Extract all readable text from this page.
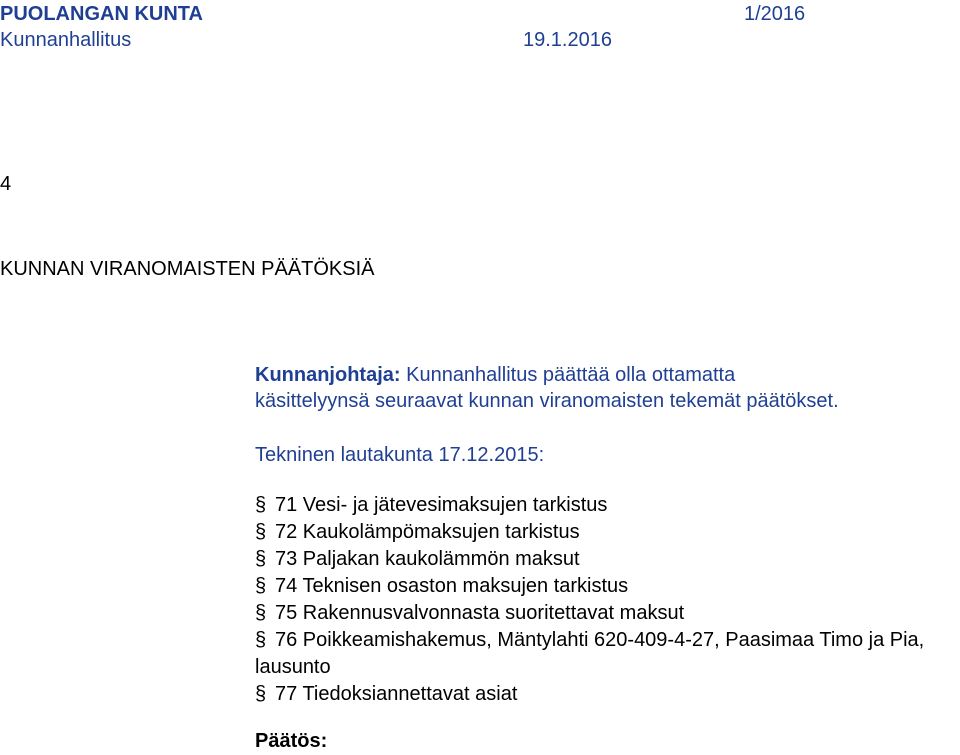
PUOLANGAN KUNTA	1/2016
Kunnanhallitus	19.1.2016
4
KUNNAN VIRANOMAISTEN PÄÄTÖKSIÄ

Kunnanjohtaja: Kunnanhallitus päättää olla ottamatta

käsittelyynsä seuraavat kunnan viranomaisten tekemät päätökset.

Tekninen lautakunta 17.12.2015:
§ 71 Vesi- ja jätevesimaksujen tarkistus
§ 72 Kaukolämpömaksujen tarkistus
§ 73 Paljakan kaukolämmön maksut
§ 74 Teknisen osaston maksujen tarkistus
§ 75 Rakennusvalvonnasta suoritettavat maksut
§ 76 Poikkeamishakemus, Mäntylahti 620-409-4-27, Paasimaa Timo ja Pia, lausunto
§ 77 Tiedoksiannettavat asiat
Päätös:
